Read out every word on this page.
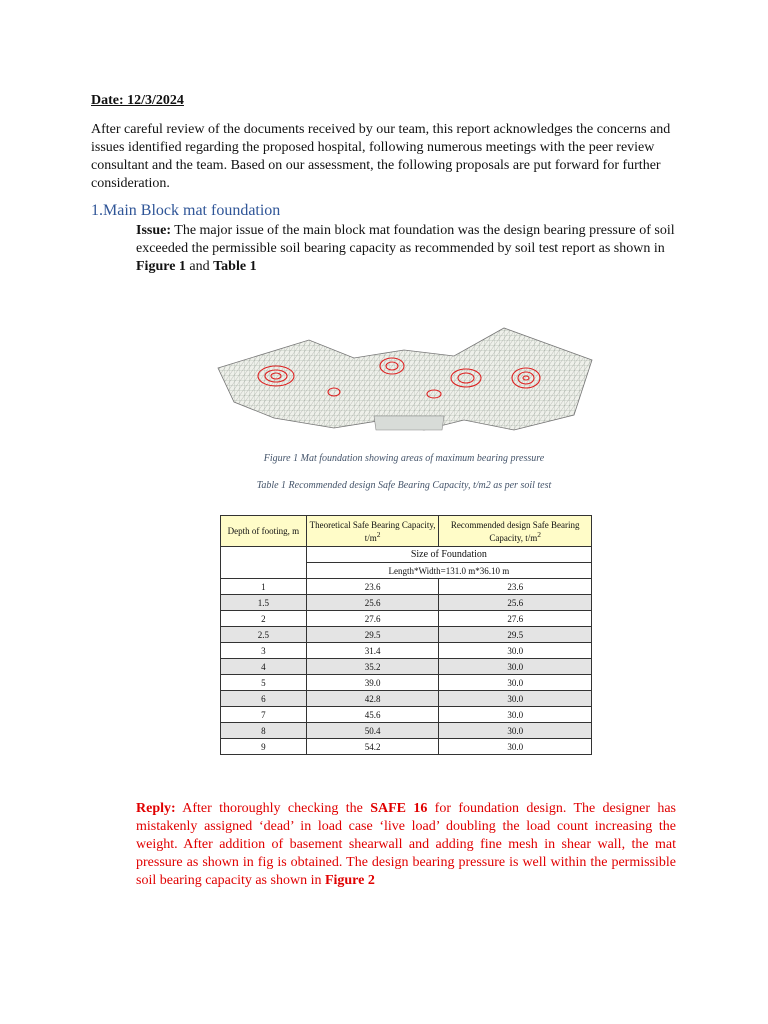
Date: 12/3/2024
After careful review of the documents received by our team, this report acknowledges the concerns and issues identified regarding the proposed hospital, following numerous meetings with the peer review consultant and the team. Based on our assessment, the following proposals are put forward for further consideration.
1.Main Block mat foundation
Issue: The major issue of the main block mat foundation was the design bearing pressure of soil exceeded the permissible soil bearing capacity as recommended by soil test report as shown in Figure 1 and Table 1
Figure 1 Mat foundation showing areas of maximum bearing pressure
Table 1 Recommended design Safe Bearing Capacity, t/m2 as per soil test
Depth of footing, m	Theoretical Safe Bearing Capacity, $t/m^2$	Recommended design Safe Bearing Capacity, $t/m^2$
	Size of Foundation	
	Length*Width=131.0 m*36.10 m	
1	23.6	23.6
1.5	25.6	25.6
2	27.6	27.6
2.5	29.5	29.5
3	31.4	30.0
4	35.2	30.0
5	39.0	30.0
6	42.8	30.0
7	45.6	30.0
8	50.4	30.0
9	54.2	30.0
Reply: After thoroughly checking the SAFE 16 for foundation design. The designer has mistakenly assigned ‘dead’ in load case ‘live load’ doubling the load count increasing the weight. After addition of basement shearwall and adding fine mesh in shear wall, the mat pressure as shown in fig is obtained. The design bearing pressure is well within the permissible soil bearing capacity as shown in Figure 2
